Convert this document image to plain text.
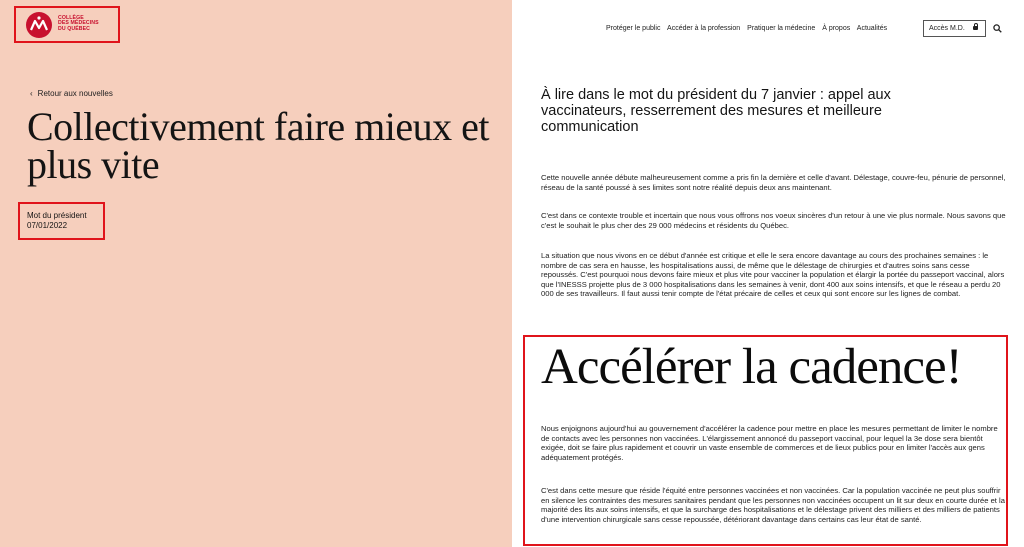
COLLÈGE
DES MÉDECINS
DU QUÉBEC
‹ Retour aux nouvelles
Collectivement faire mieux et plus vite
Mot du président
07/01/2022
Protéger le public Accéder à la profession Pratiquer la médecine À propos Actualités	Accès M.D.
À lire dans le mot du président du 7 janvier : appel aux vaccinateurs, resserrement des mesures et meilleure communication
Cette nouvelle année débute malheureusement comme a pris fin la dernière et celle d'avant. Délestage, couvre-feu, pénurie de personnel, réseau de la santé poussé à ses limites sont notre réalité depuis deux ans maintenant.
C'est dans ce contexte trouble et incertain que nous vous offrons nos voeux sincères d'un retour à une vie plus normale. Nous savons que c'est le souhait le plus cher des 29 000 médecins et résidents du Québec.
La situation que nous vivons en ce début d'année est critique et elle le sera encore davantage au cours des prochaines semaines : le nombre de cas sera en hausse, les hospitalisations aussi, de même que le délestage de chirurgies et d'autres soins sans cesse repoussés. C'est pourquoi nous devons faire mieux et plus vite pour vacciner la population et élargir la portée du passeport vaccinal, alors que l'INESSS projette plus de 3 000 hospitalisations dans les semaines à venir, dont 400 aux soins intensifs, et que le réseau a perdu 20 000 de ses travailleurs. Il faut aussi tenir compte de l'état précaire de celles et ceux qui sont encore sur les lignes de combat.
Accélérer la cadence!
Nous enjoignons aujourd'hui au gouvernement d'accélérer la cadence pour mettre en place les mesures permettant de limiter le nombre de contacts avec les personnes non vaccinées. L'élargissement annoncé du passeport vaccinal, pour lequel la 3e dose sera bientôt exigée, doit se faire plus rapidement et couvrir un vaste ensemble de commerces et de lieux publics pour en limiter l'accès aux gens adéquatement protégés.
C'est dans cette mesure que réside l'équité entre personnes vaccinées et non vaccinées. Car la population vaccinée ne peut plus souffrir en silence les contraintes des mesures sanitaires pendant que les personnes non vaccinées occupent un lit sur deux en courte durée et la majorité des lits aux soins intensifs, et que la surcharge des hospitalisations et le délestage privent des milliers et des milliers de patients d'une intervention chirurgicale sans cesse repoussée, détériorant davantage dans certains cas leur état de santé.
